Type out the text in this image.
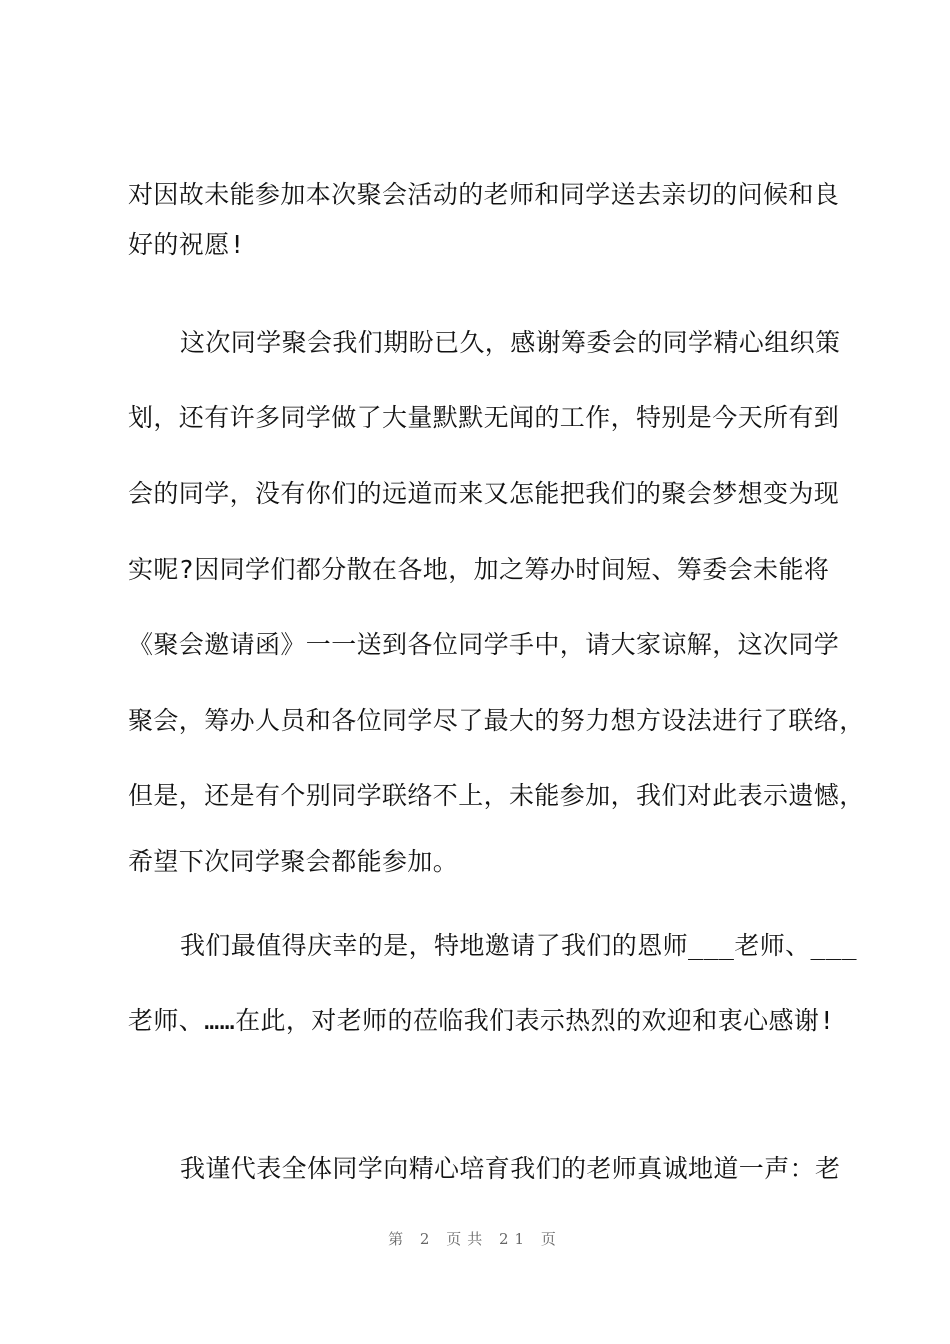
对因故未能参加本次聚会活动的老师和同学送去亲切的问候和良
好的祝愿!
这次同学聚会我们期盼已久，感谢筹委会的同学精心组织策
划，还有许多同学做了大量默默无闻的工作，特别是今天所有到
会的同学，没有你们的远道而来又怎能把我们的聚会梦想变为现
实呢?因同学们都分散在各地，加之筹办时间短、筹委会未能将
《聚会邀请函》一一送到各位同学手中，请大家谅解，这次同学
聚会，筹办人员和各位同学尽了最大的努力想方设法进行了联络，
但是，还是有个别同学联络不上，未能参加，我们对此表示遗憾，
希望下次同学聚会都能参加。
我们最值得庆幸的是，特地邀请了我们的恩师___老师、___
老师、……在此，对老师的莅临我们表示热烈的欢迎和衷心感谢!
我谨代表全体同学向精心培育我们的老师真诚地道一声：老
第 2 页共 21 页
